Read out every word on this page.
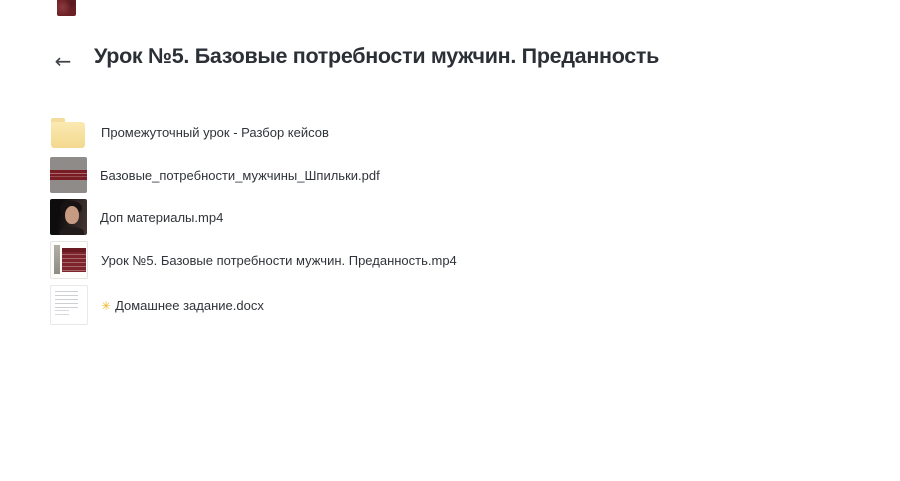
← Урок №5. Базовые потребности мужчин. Преданность
Промежуточный урок - Разбор кейсов
Базовые_потребности_мужчины_Шпильки.pdf
Доп материалы.mp4
Урок №5. Базовые потребности мужчин. Преданность.mp4
✳ Домашнее задание.docx
